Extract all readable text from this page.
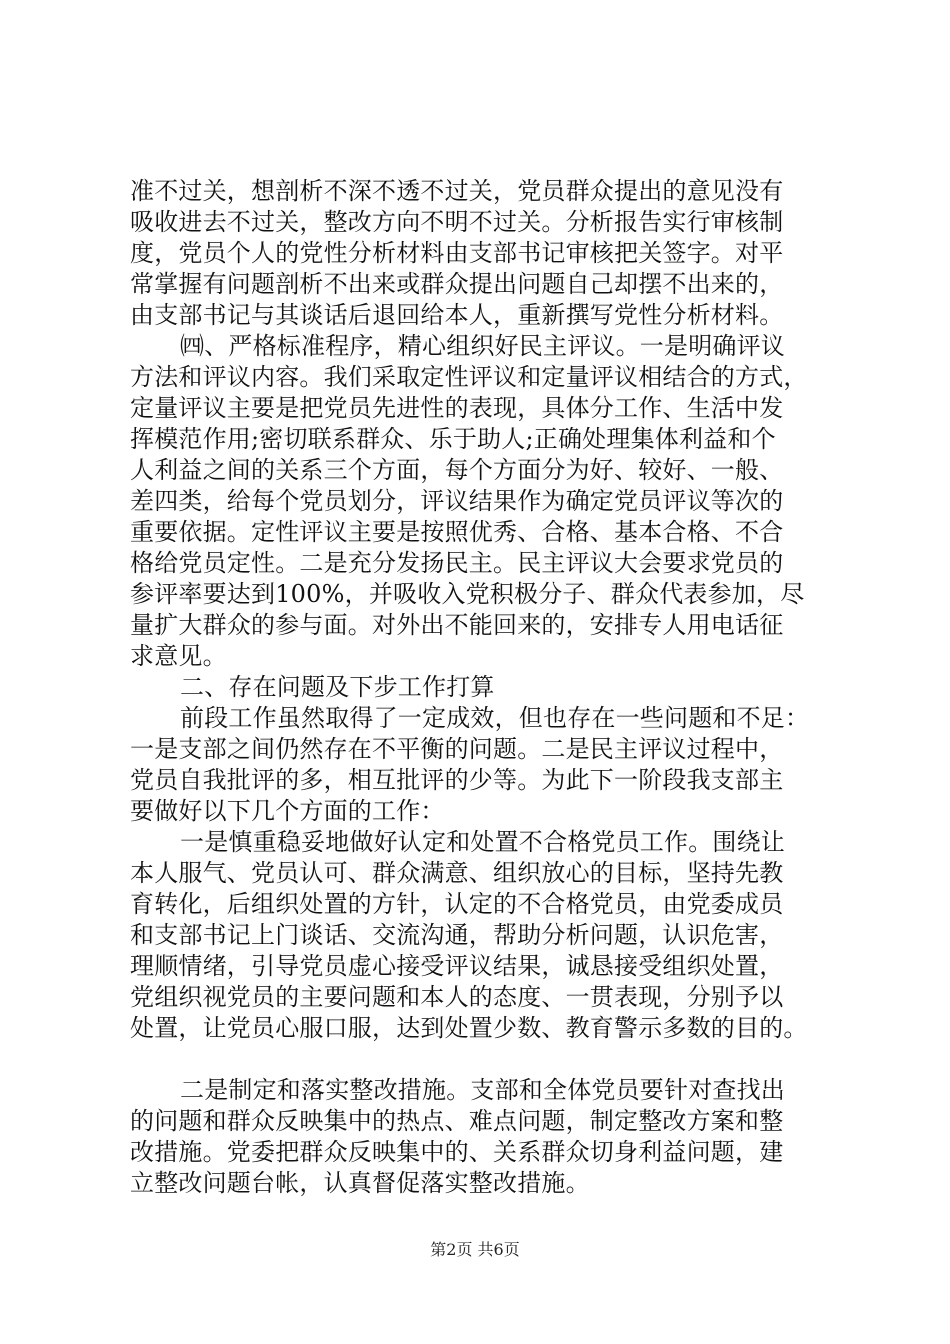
准不过关，想剖析不深不透不过关，党员群众提出的意见没有
吸收进去不过关，整改方向不明不过关。分析报告实行审核制
度，党员个人的党性分析材料由支部书记审核把关签字。对平
常掌握有问题剖析不出来或群众提出问题自己却摆不出来的，
由支部书记与其谈话后退回给本人，重新撰写党性分析材料。
㈣、严格标准程序，精心组织好民主评议。一是明确评议
方法和评议内容。我们采取定性评议和定量评议相结合的方式，
定量评议主要是把党员先进性的表现，具体分工作、生活中发
挥模范作用;密切联系群众、乐于助人;正确处理集体利益和个
人利益之间的关系三个方面，每个方面分为好、较好、一般、
差四类，给每个党员划分，评议结果作为确定党员评议等次的
重要依据。定性评议主要是按照优秀、合格、基本合格、不合
格给党员定性。二是充分发扬民主。民主评议大会要求党员的
参评率要达到100%，并吸收入党积极分子、群众代表参加，尽
量扩大群众的参与面。对外出不能回来的，安排专人用电话征
求意见。
二、存在问题及下步工作打算
前段工作虽然取得了一定成效，但也存在一些问题和不足：
一是支部之间仍然存在不平衡的问题。二是民主评议过程中，
党员自我批评的多，相互批评的少等。为此下一阶段我支部主
要做好以下几个方面的工作：
一是慎重稳妥地做好认定和处置不合格党员工作。围绕让
本人服气、党员认可、群众满意、组织放心的目标，坚持先教
育转化，后组织处置的方针，认定的不合格党员，由党委成员
和支部书记上门谈话、交流沟通，帮助分析问题，认识危害，
理顺情绪，引导党员虚心接受评议结果，诚恳接受组织处置，
党组织视党员的主要问题和本人的态度、一贯表现，分别予以
处置，让党员心服口服，达到处置少数、教育警示多数的目的。
二是制定和落实整改措施。支部和全体党员要针对查找出
的问题和群众反映集中的热点、难点问题，制定整改方案和整
改措施。党委把群众反映集中的、关系群众切身利益问题，建
立整改问题台帐，认真督促落实整改措施。
第2页 共6页
